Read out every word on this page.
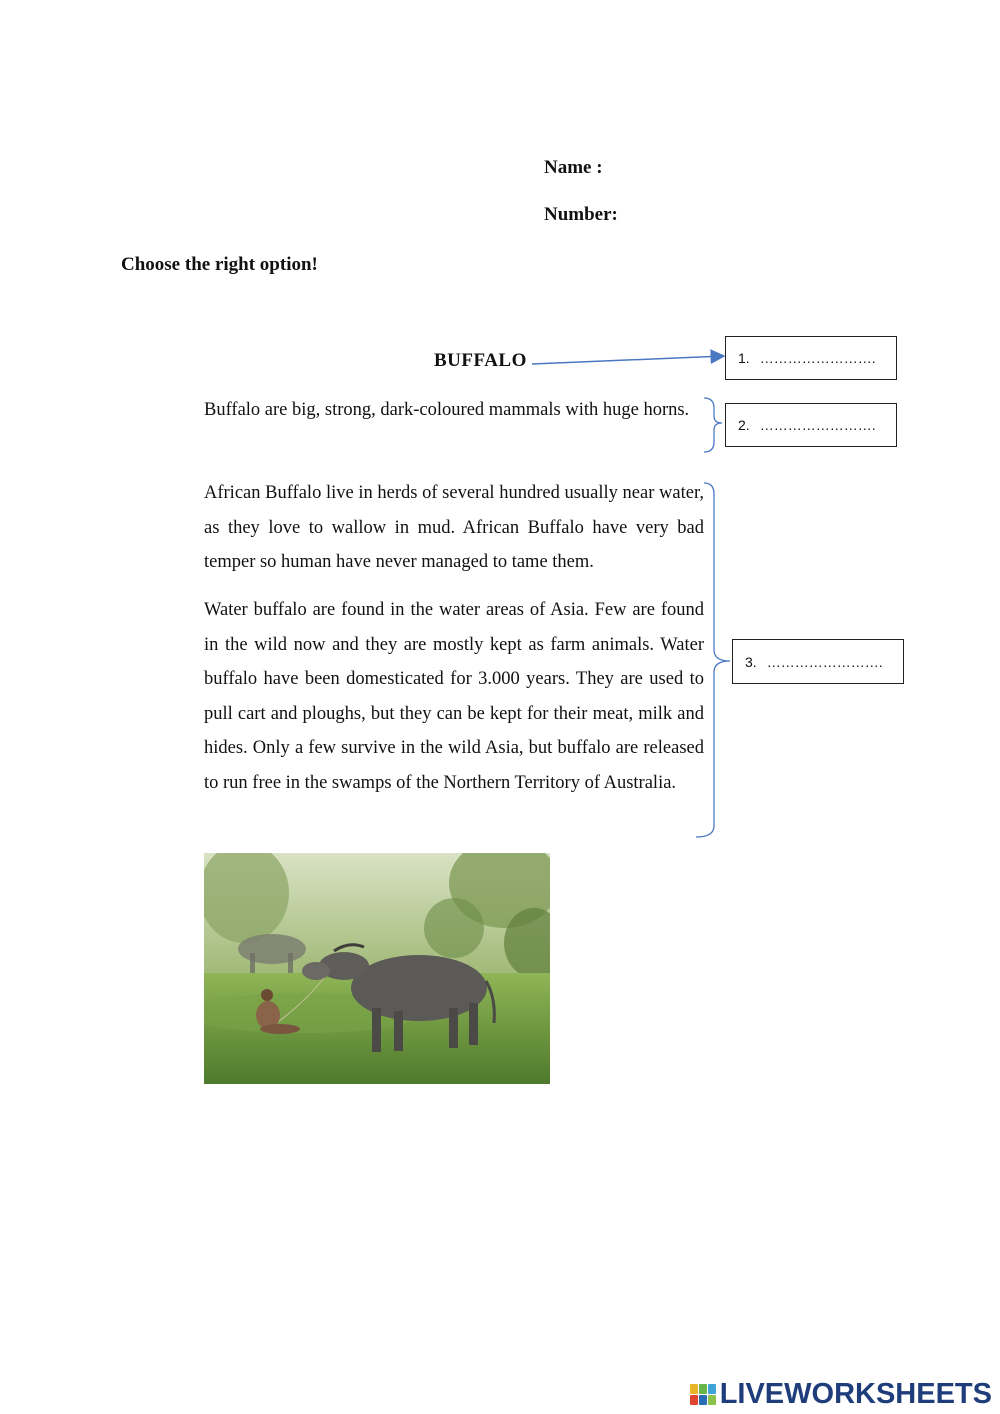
Name :
Number:
Choose the right option!
BUFFALO
Buffalo are big, strong, dark-coloured mammals with huge horns.
African Buffalo live in herds of several hundred usually near water, as they love to wallow in mud. African Buffalo have very bad temper so human have never managed to tame them.
Water buffalo are found in the water areas of Asia. Few are found in the wild now and they are mostly kept as farm animals. Water buffalo have been domesticated for 3.000 years. They are used to pull cart and ploughs, but they can be kept for their meat, milk and hides. Only a few survive in the wild Asia, but buffalo are released to run free in the swamps of the Northern Territory of Australia.
1. …………………….
2. …………………….
3. …………………….
LIVEWORKSHEETS
